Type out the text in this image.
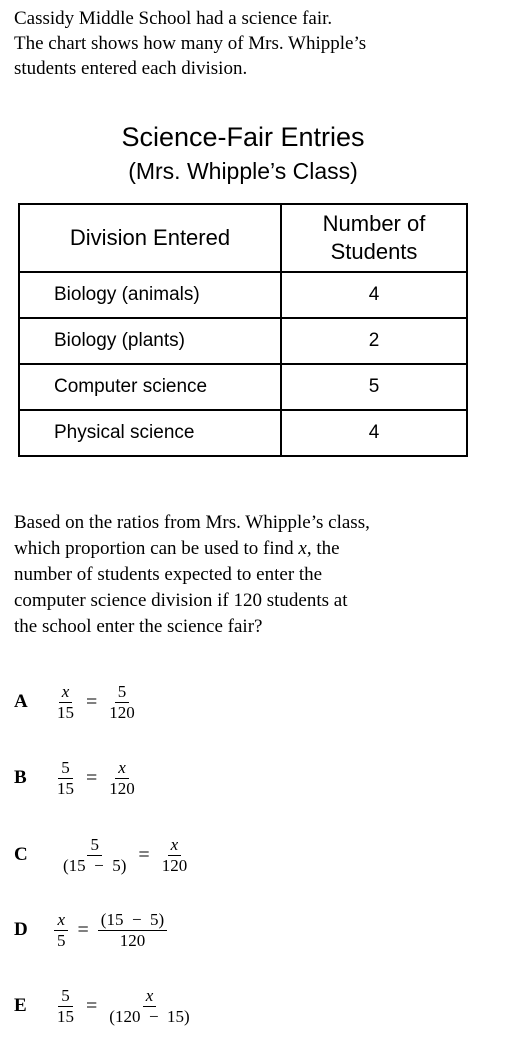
Cassidy Middle School had a science fair.
The chart shows how many of Mrs. Whipple’s
students entered each division.

Science-Fair Entries

(Mrs. Whipple’s Class)

Division Entered	Number of
Students
Biology (animals)	4
Biology (plants)	2
Computer science	5
Physical science	4

Based on the ratios from Mrs. Whipple’s class,
which proportion can be used to find x, the
number of students expected to enter the
computer science division if 120 students at
the school enter the science fair?

A	$\frac{x}{15} = \frac{5}{120}$
B	$\frac{5}{15} = \frac{x}{120}$
C	$\frac{5}{(15 - 5)} = \frac{x}{120}$
D	$\frac{x}{5} = \frac{(15 - 5)}{120}$
E	$\frac{5}{15} = \frac{x}{(120 - 15)}$
